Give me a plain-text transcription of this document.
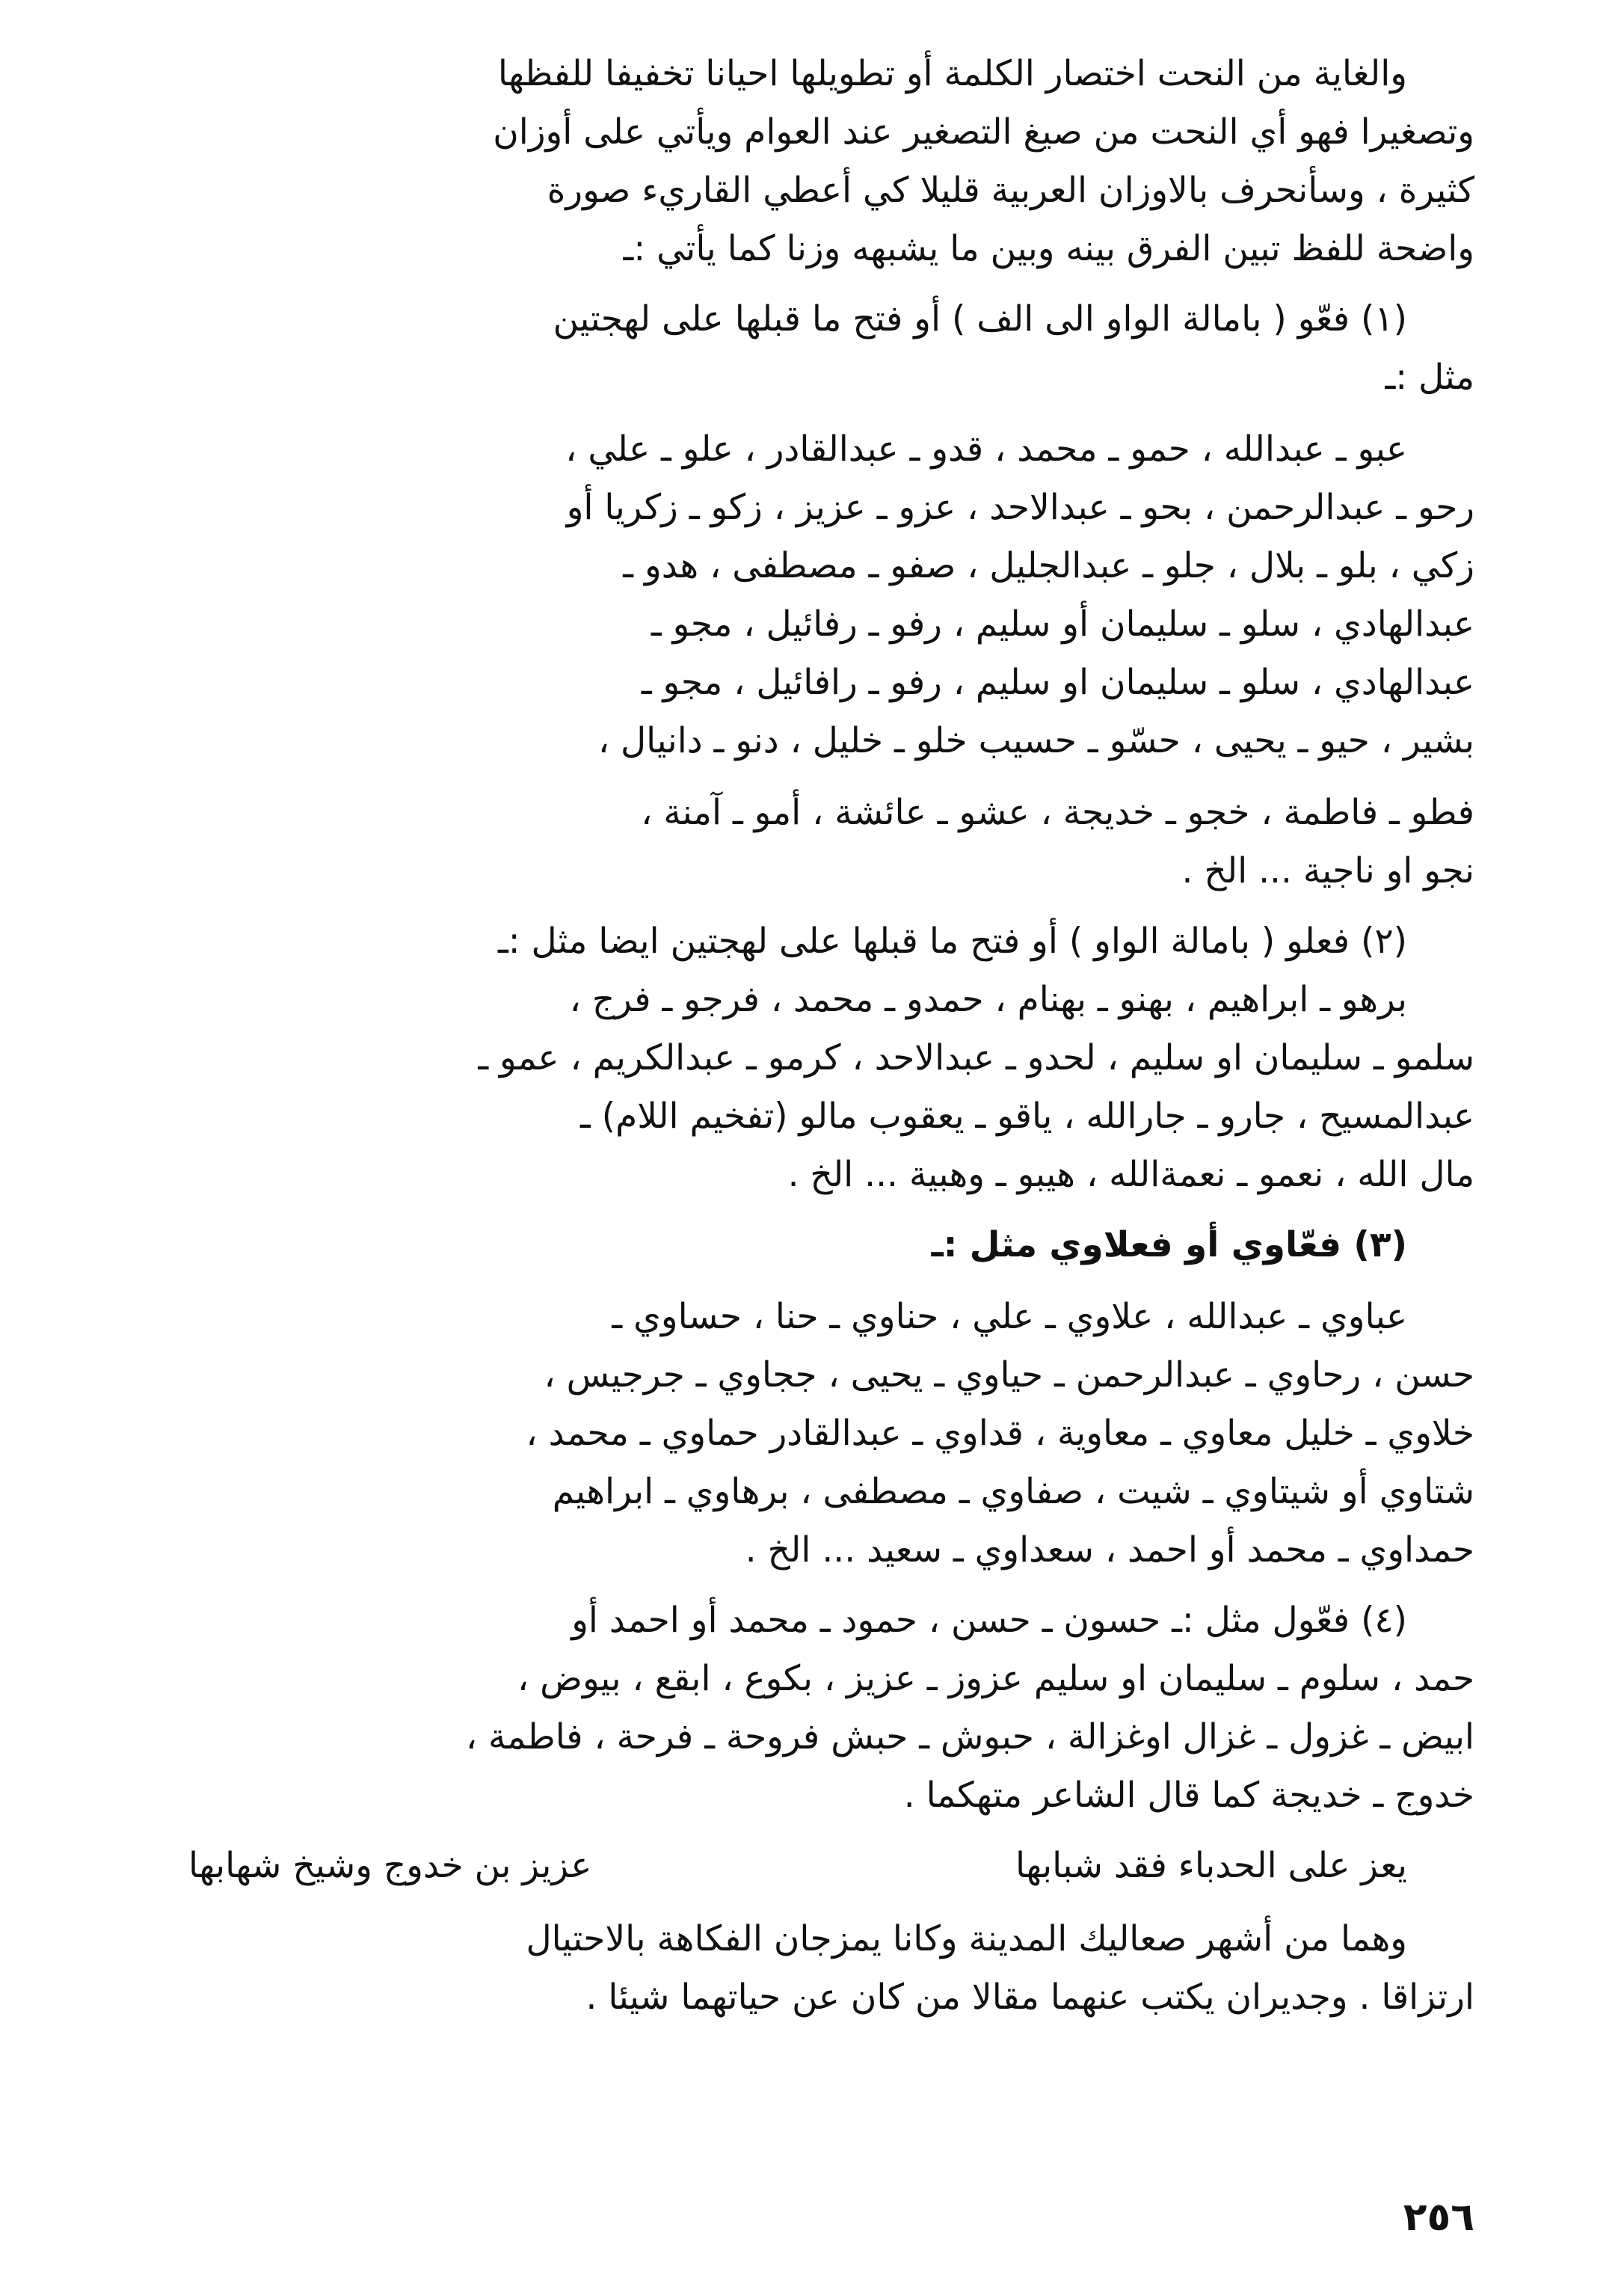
والغاية من النحت اختصار الكلمة أو تطويلها احيانا تخفيفا للفظها
وتصغيرا فهو أي النحت من صيغ التصغير عند العوام ويأتي على أوزان
كثيرة ، وسأنحرف بالاوزان العربية قليلا كي أعطي القاريء صورة
واضحة للفظ تبين الفرق بينه وبين ما يشبهه وزنا كما يأتي :ـ
(١) فعّو ( بامالة الواو الى الف ) أو فتح ما قبلها على لهجتين
مثل :ـ
عبو ـ عبدالله ، حمو ـ محمد ، قدو ـ عبدالقادر ، علو ـ علي ،
رحو ـ عبدالرحمن ، بحو ـ عبدالاحد ، عزو ـ عزيز ، زكو ـ زكريا أو
زكي ، بلو ـ بلال ، جلو ـ عبدالجليل ، صفو ـ مصطفى ، هدو ـ
عبدالهادي ، سلو ـ سليمان أو سليم ، رفو ـ رفائيل ، مجو ـ
عبدالهادي ، سلو ـ سليمان او سليم ، رفو ـ رافائيل ، مجو ـ
بشير ، حيو ـ يحيى ، حسّو ـ حسيب خلو ـ خليل ، دنو ـ دانيال ،
فطو ـ فاطمة ، خجو ـ خديجة ، عشو ـ عائشة ، أمو ـ آمنة ،
نجو او ناجية ... الخ .
(٢) فعلو ( بامالة الواو ) أو فتح ما قبلها على لهجتين ايضا مثل :ـ
برهو ـ ابراهيم ، بهنو ـ بهنام ، حمدو ـ محمد ، فرجو ـ فرج ،
سلمو ـ سليمان او سليم ، لحدو ـ عبدالاحد ، كرمو ـ عبدالكريم ، عمو ـ
عبدالمسيح ، جارو ـ جارالله ، ياقو ـ يعقوب مالو (تفخيم اللام) ـ
مال الله ، نعمو ـ نعمةالله ، هيبو ـ وهبية ... الخ .
(٣) فعّاوي أو فعلاوي مثل :ـ
عباوي ـ عبدالله ، علاوي ـ علي ، حناوي ـ حنا ، حساوي ـ
حسن ، رحاوي ـ عبدالرحمن ـ حياوي ـ يحيى ، ججاوي ـ جرجيس ،
خلاوي ـ خليل معاوي ـ معاوية ، قداوي ـ عبدالقادر حماوي ـ محمد ،
شتاوي أو شيتاوي ـ شيت ، صفاوي ـ مصطفى ، برهاوي ـ ابراهيم
حمداوي ـ محمد أو احمد ، سعداوي ـ سعيد ... الخ .
(٤) فعّول مثل :ـ حسون ـ حسن ، حمود ـ محمد أو احمد أو
حمد ، سلوم ـ سليمان او سليم عزوز ـ عزيز ، بكوع ، ابقع ، بيوض ،
ابيض ـ غزول ـ غزال اوغزالة ، حبوش ـ حبش فروحة ـ فرحة ، فاطمة ،
خدوج ـ خديجة كما قال الشاعر متهكما .
يعز على الحدباء فقد شبابها
عزيز بن خدوج وشيخ شهابها
وهما من أشهر صعاليك المدينة وكانا يمزجان الفكاهة بالاحتيال
ارتزاقا . وجديران يكتب عنهما مقالا من كان عن حياتهما شيئا .
٢٥٦
